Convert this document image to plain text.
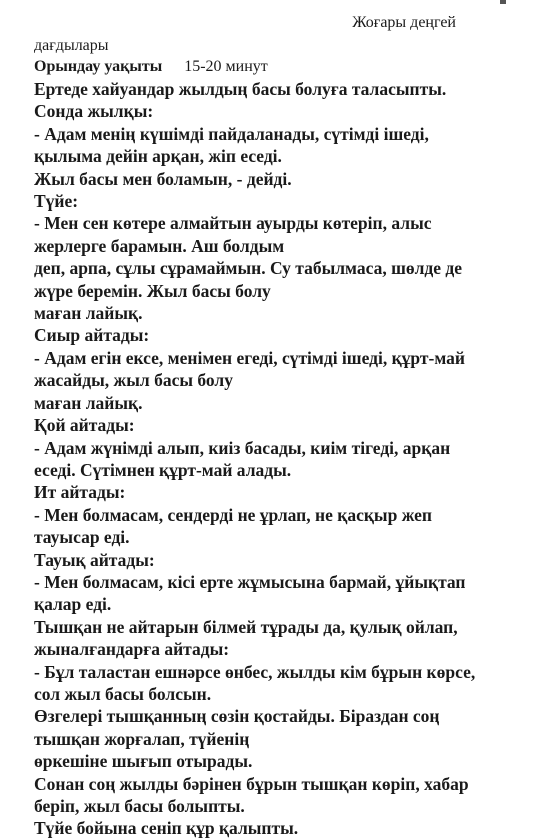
Жоғары деңгей
дағдылары
Орындау уақыты 15-20 минут
Ертеде хайуандар жылдың басы болуға таласыпты.
Сонда жылқы:
- Адам менің күшімді пайдаланады, сүтімді ішеді,
қылыма дейін арқан, жіп еседі.
Жыл басы мен боламын, - дейді.
Түйе:
- Мен сен көтере алмайтын ауырды көтеріп, алыс
жерлерге барамын. Аш болдым
деп, арпа, сұлы сұрамаймын. Су табылмаса, шөлде де
жүре беремін. Жыл басы болу
маған лайық.
Сиыр айтады:
- Адам егін ексе, менімен егеді, сүтімді ішеді, құрт-май
жасайды, жыл басы болу
маған лайық.
Қой айтады:
- Адам жүнімді алып, киіз басады, киім тігеді, арқан
еседі. Сүтімнен құрт-май алады.
Ит айтады:
- Мен болмасам, сендерді не ұрлап, не қасқыр жеп
тауысар еді.
Тауық айтады:
- Мен болмасам, кісі ерте жұмысына бармай, ұйықтап
қалар еді.
Тышқан не айтарын білмей тұрады да, қулық ойлап,
жыналғандарға айтады:
- Бұл таластан ешнәрсе өнбес, жылды кім бұрын көрсе,
сол жыл басы болсын.
Өзгелері тышқанның сөзін қостайды. Біраздан соң
тышқан жорғалап, түйенің
өркешіне шығып отырады.
Сонан соң жылды бәрінен бұрын тышқан көріп, хабар
беріп, жыл басы болыпты.
Түйе бойына сеніп құр қалыпты.
